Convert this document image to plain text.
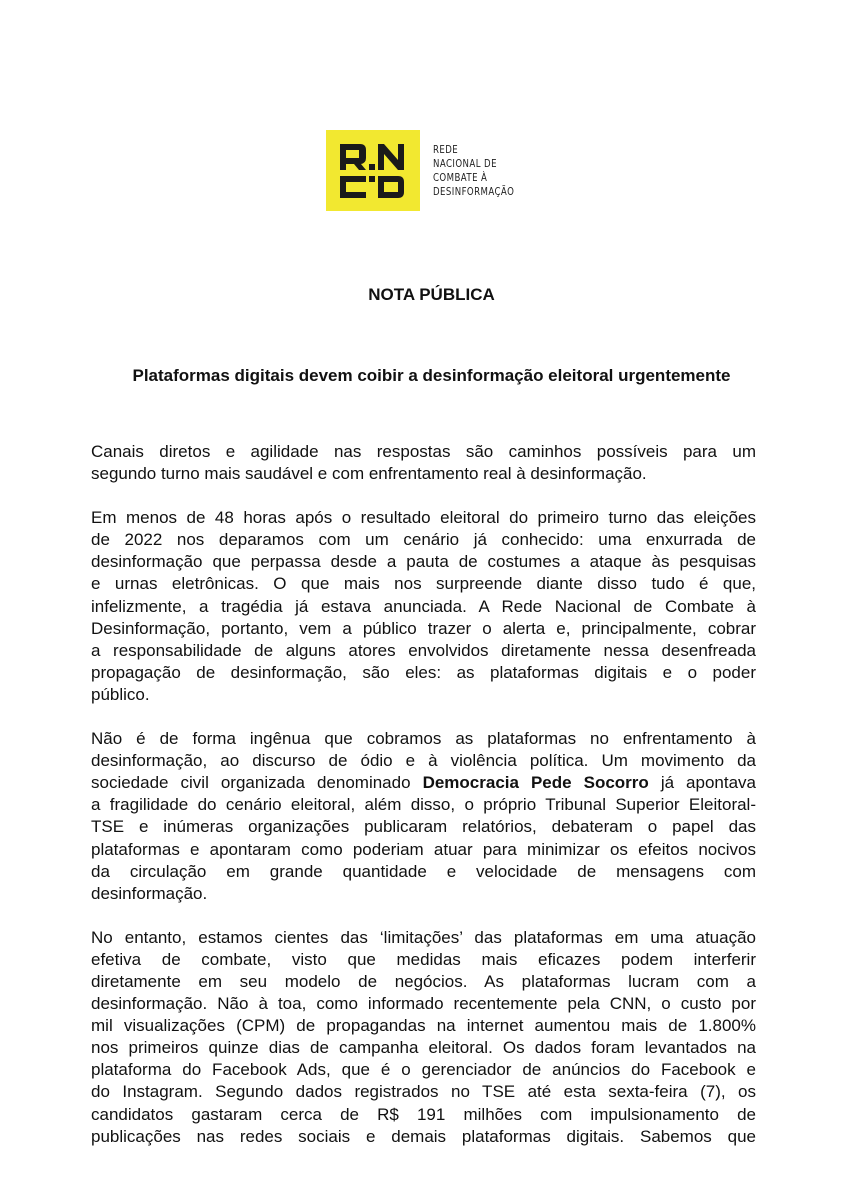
REDE
NACIONAL DE
COMBATE À
DESINFORMAÇÃO
NOTA PÚBLICA
Plataformas digitais devem coibir a desinformação eleitoral urgentemente
Canais diretos e agilidade nas respostas são caminhos possíveis para um
segundo turno mais saudável e com enfrentamento real à desinformação.
Em menos de 48 horas após o resultado eleitoral do primeiro turno das eleições
de 2022 nos deparamos com um cenário já conhecido: uma enxurrada de
desinformação que perpassa desde a pauta de costumes a ataque às pesquisas
e urnas eletrônicas. O que mais nos surpreende diante disso tudo é que,
infelizmente, a tragédia já estava anunciada. A Rede Nacional de Combate à
Desinformação, portanto, vem a público trazer o alerta e, principalmente, cobrar
a responsabilidade de alguns atores envolvidos diretamente nessa desenfreada
propagação de desinformação, são eles: as plataformas digitais e o poder
público.
Não é de forma ingênua que cobramos as plataformas no enfrentamento à
desinformação, ao discurso de ódio e à violência política. Um movimento da
sociedade civil organizada denominado Democracia Pede Socorro já apontava
a fragilidade do cenário eleitoral, além disso, o próprio Tribunal Superior Eleitoral-
TSE e inúmeras organizações publicaram relatórios, debateram o papel das
plataformas e apontaram como poderiam atuar para minimizar os efeitos nocivos
da circulação em grande quantidade e velocidade de mensagens com
desinformação.
No entanto, estamos cientes das ‘limitações’ das plataformas em uma atuação
efetiva de combate, visto que medidas mais eficazes podem interferir
diretamente em seu modelo de negócios. As plataformas lucram com a
desinformação. Não à toa, como informado recentemente pela CNN, o custo por
mil visualizações (CPM) de propagandas na internet aumentou mais de 1.800%
nos primeiros quinze dias de campanha eleitoral. Os dados foram levantados na
plataforma do Facebook Ads, que é o gerenciador de anúncios do Facebook e
do Instagram. Segundo dados registrados no TSE até esta sexta-feira (7), os
candidatos gastaram cerca de R$ 191 milhões com impulsionamento de
publicações nas redes sociais e demais plataformas digitais. Sabemos que
